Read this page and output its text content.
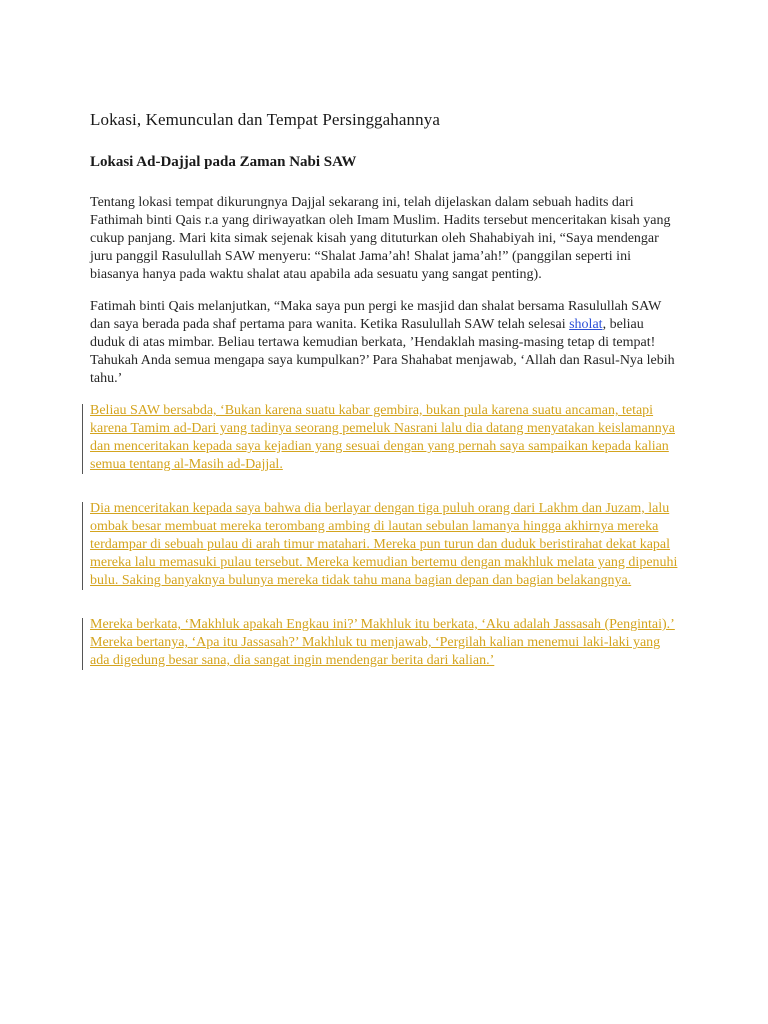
Lokasi, Kemunculan dan Tempat Persinggahannya
Lokasi Ad-Dajjal pada Zaman Nabi SAW

Tentang lokasi tempat dikurungnya Dajjal sekarang ini, telah dijelaskan dalam sebuah hadits dari Fathimah binti Qais r.a yang diriwayatkan oleh Imam Muslim. Hadits tersebut menceritakan kisah yang cukup panjang. Mari kita simak sejenak kisah yang dituturkan oleh Shahabiyah ini, “Saya mendengar juru panggil Rasulullah SAW menyeru: “Shalat Jama’ah! Shalat jama’ah!” (panggilan seperti ini biasanya hanya pada waktu shalat atau apabila ada sesuatu yang sangat penting).

Fatimah binti Qais melanjutkan, “Maka saya pun pergi ke masjid dan shalat bersama Rasulullah SAW dan saya berada pada shaf pertama para wanita. Ketika Rasulullah SAW telah selesai sholat, beliau duduk di atas mimbar. Beliau tertawa kemudian berkata, ’Hendaklah masing-masing tetap di tempat! Tahukah Anda semua mengapa saya kumpulkan?’ Para Shahabat menjawab, ‘Allah dan Rasul-Nya lebih tahu.’

Beliau SAW bersabda, ‘Bukan karena suatu kabar gembira, bukan pula karena suatu ancaman, tetapi karena Tamim ad-Dari yang tadinya seorang pemeluk Nasrani lalu dia datang menyatakan keislamannya dan menceritakan kepada saya kejadian yang sesuai dengan yang pernah saya sampaikan kepada kalian semua tentang al-Masih ad-Dajjal.

Dia menceritakan kepada saya bahwa dia berlayar dengan tiga puluh orang dari Lakhm dan Juzam, lalu ombak besar membuat mereka terombang ambing di lautan sebulan lamanya hingga akhirnya mereka terdampar di sebuah pulau di arah timur matahari. Mereka pun turun dan duduk beristirahat dekat kapal mereka lalu memasuki pulau tersebut. Mereka kemudian bertemu dengan makhluk melata yang dipenuhi bulu. Saking banyaknya bulunya mereka tidak tahu mana bagian depan dan bagian belakangnya.

Mereka berkata, ‘Makhluk apakah Engkau ini?’ Makhluk itu berkata, ‘Aku adalah Jassasah (Pengintai).’ Mereka bertanya, ‘Apa itu Jassasah?’ Makhluk tu menjawab, ‘Pergilah kalian menemui laki-laki yang ada digedung besar sana, dia sangat ingin mendengar berita dari kalian.’
